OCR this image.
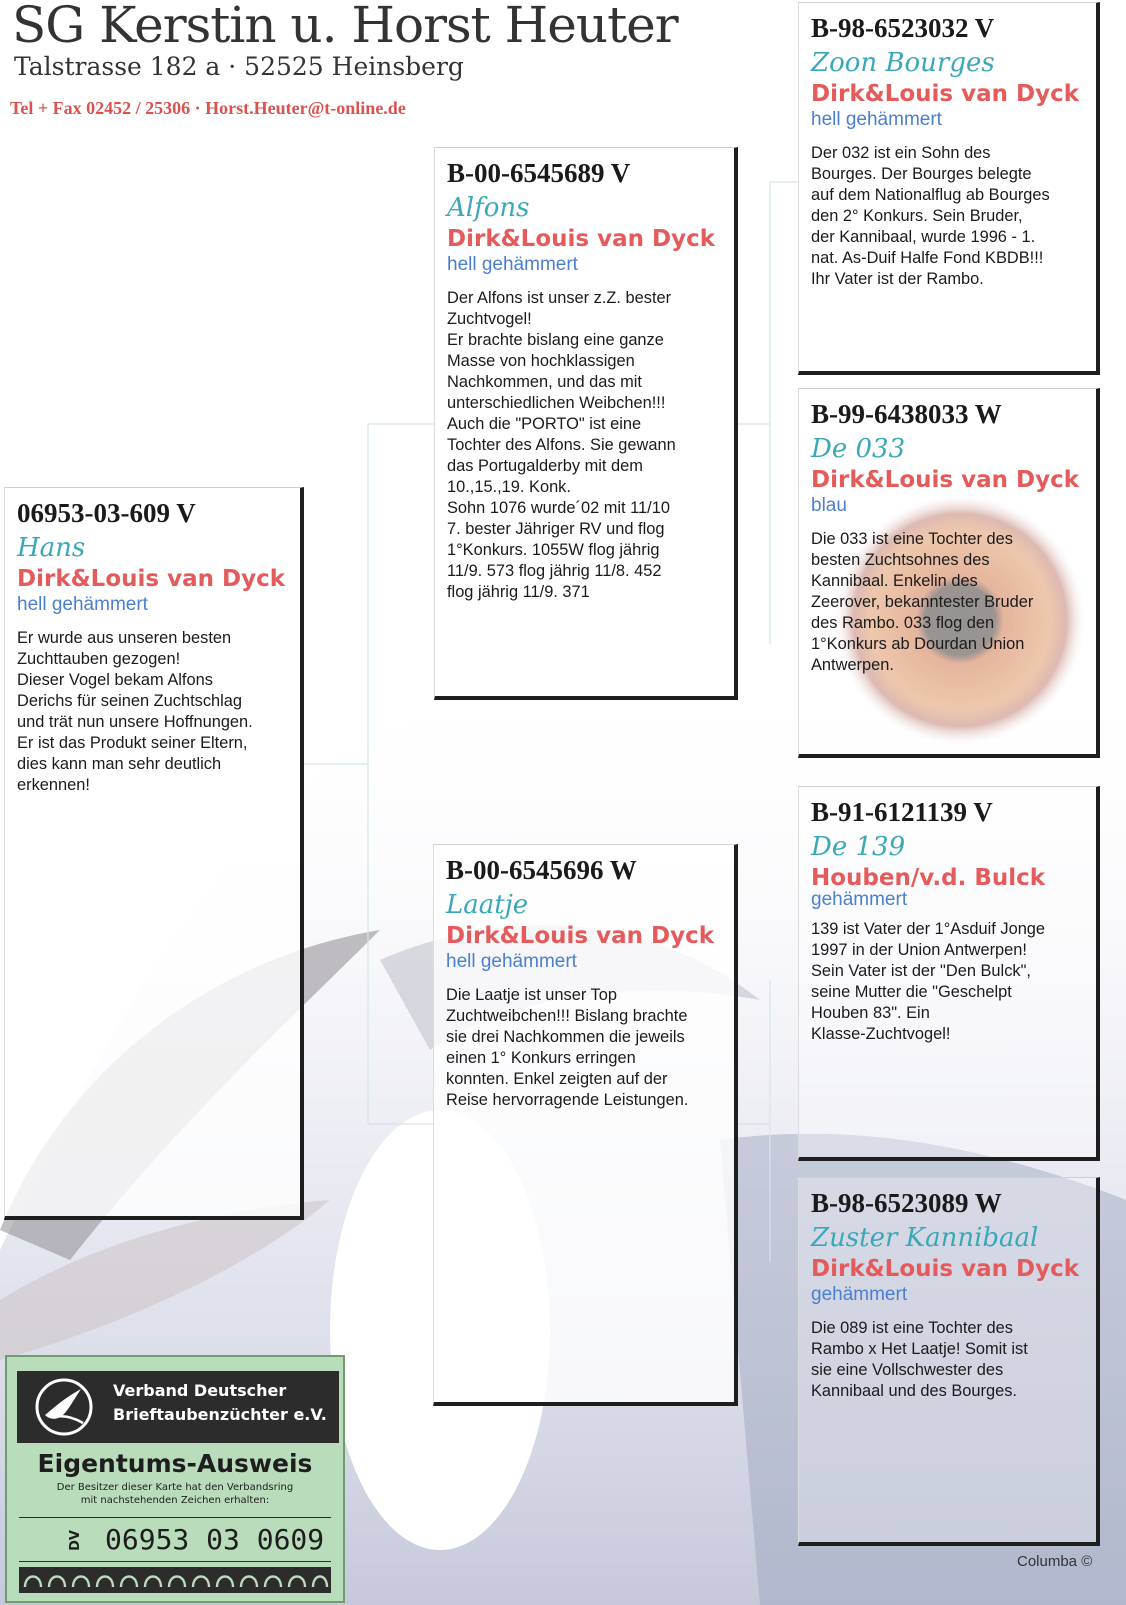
SG Kerstin u. Horst Heuter
Talstrasse 182 a · 52525 Heinsberg
Tel + Fax 02452 / 25306 · Horst.Heuter@t-online.de
06953-03-609 V
Hans
Dirk&Louis van Dyck
hell gehämmert
Er wurde aus unseren besten
Zuchttauben gezogen!
Dieser Vogel bekam Alfons
Derichs für seinen Zuchtschlag
und trät nun unsere Hoffnungen.
Er ist das Produkt seiner Eltern,
dies kann man sehr deutlich
erkennen!
B-00-6545689 V
Alfons
Dirk&Louis van Dyck
hell gehämmert
Der Alfons ist unser z.Z. bester
Zuchtvogel!
Er brachte bislang eine ganze
Masse von hochklassigen
Nachkommen, und das mit
unterschiedlichen Weibchen!!!
Auch die "PORTO" ist eine
Tochter des Alfons. Sie gewann
das Portugalderby mit dem
10.,15.,19. Konk.
Sohn 1076 wurde´02 mit 11/10
7. bester Jähriger RV und flog
1°Konkurs. 1055W flog jährig
11/9. 573 flog jährig 11/8. 452
flog jährig 11/9. 371
B-00-6545696 W
Laatje
Dirk&Louis van Dyck
hell gehämmert
Die Laatje ist unser Top
Zuchtweibchen!!! Bislang brachte
sie drei Nachkommen die jeweils
einen 1° Konkurs erringen
konnten. Enkel zeigten auf der
Reise hervorragende Leistungen.
B-98-6523032 V
Zoon Bourges
Dirk&Louis van Dyck
hell gehämmert
Der 032 ist ein Sohn des
Bourges. Der Bourges belegte
auf dem Nationalflug ab Bourges
den 2° Konkurs. Sein Bruder,
der Kannibaal, wurde 1996 - 1.
nat. As-Duif Halfe Fond KBDB!!!
Ihr Vater ist der Rambo.
B-99-6438033 W
De 033
Dirk&Louis van Dyck
blau
Die 033 ist eine Tochter des
besten Zuchtsohnes des
Kannibaal. Enkelin des
Zeerover, bekanntester Bruder
des Rambo. 033 flog den
1°Konkurs ab Dourdan Union
Antwerpen.
B-91-6121139 V
De 139
Houben/v.d. Bulck
gehämmert
139 ist Vater der 1°Asduif Jonge
1997 in der Union Antwerpen!
Sein Vater ist der "Den Bulck",
seine Mutter die "Geschelpt
Houben 83". Ein
Klasse-Zuchtvogel!
B-98-6523089 W
Zuster Kannibaal
Dirk&Louis van Dyck
gehämmert
Die 089 ist eine Tochter des
Rambo x Het Laatje! Somit ist
sie eine Vollschwester des
Kannibaal und des Bourges.
Verband Deutscher
Brieftaubenzüchter e.V.
Eigentums-Ausweis
Der Besitzer dieser Karte hat den Verbandsring
mit nachstehenden Zeichen erhalten:
DV 06953 03 0609
Columba ©
